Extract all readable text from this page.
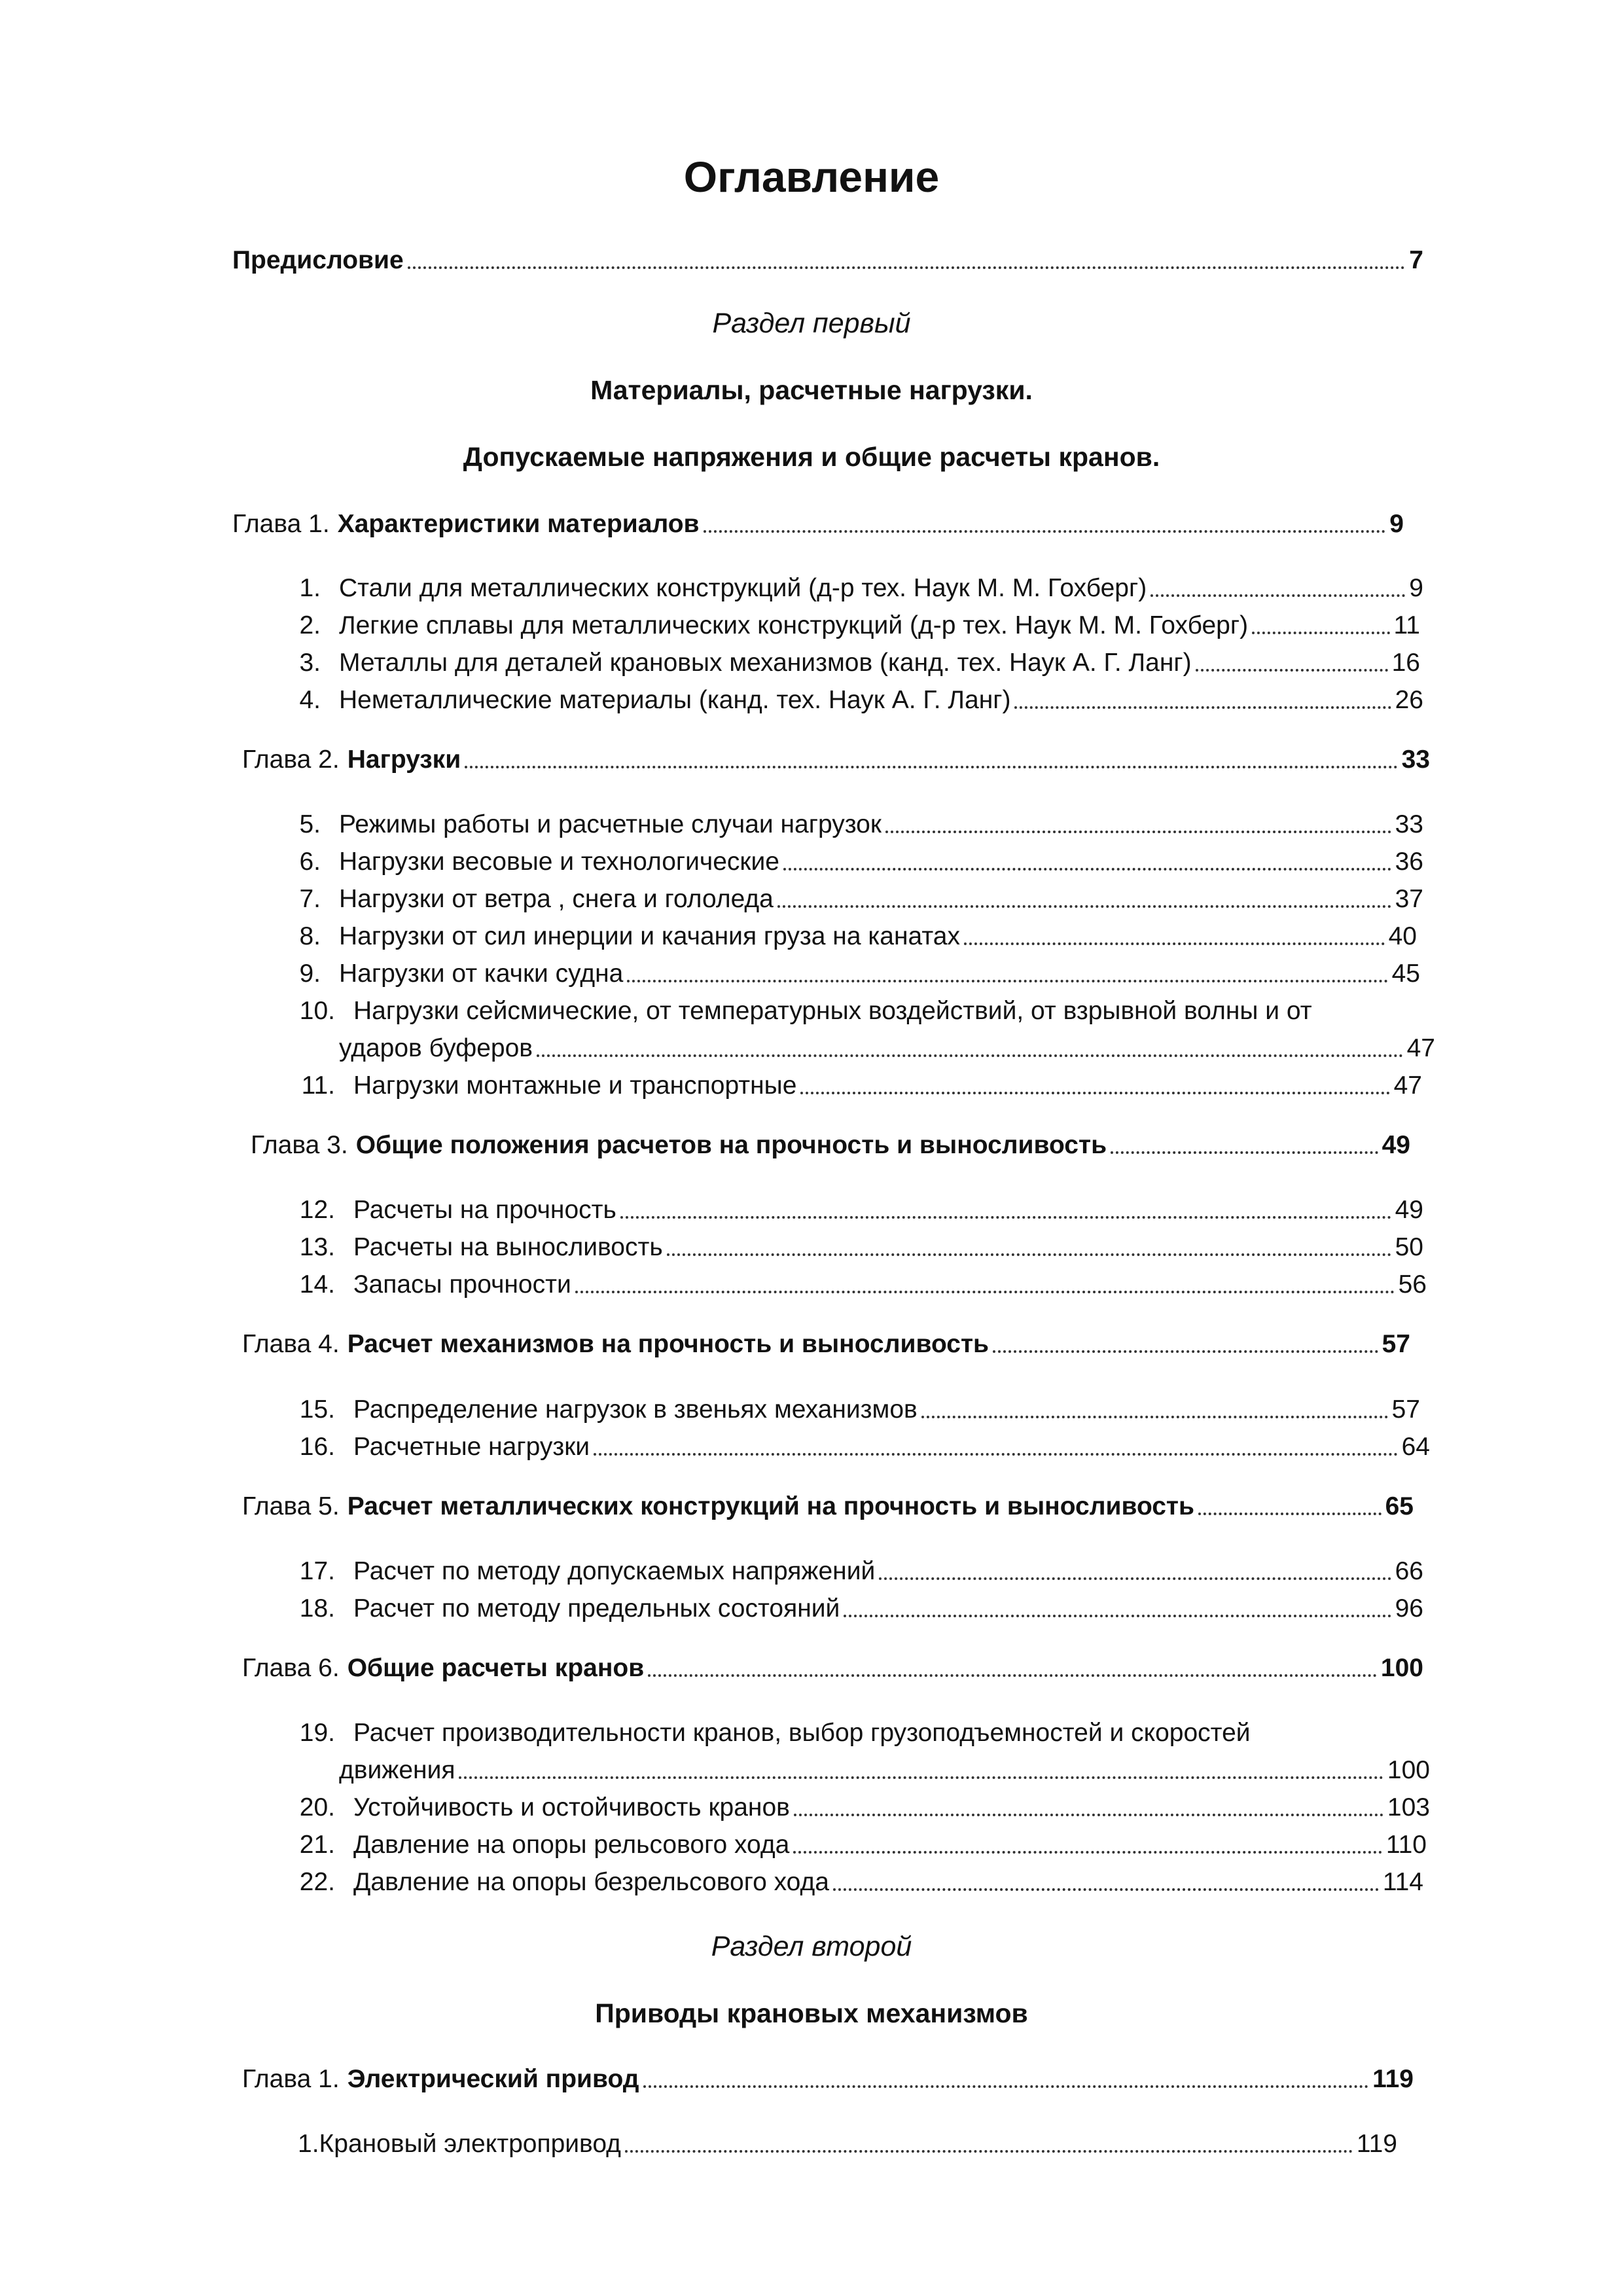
Оглавление
Предисловие	7
Раздел первый
Материалы, расчетные нагрузки.
Допускаемые напряжения и общие расчеты кранов.
Глава 1. Характеристики материалов	9
1. Стали для металлических конструкций (д-р тех. Наук М. М. Гохберг)	9
2. Легкие сплавы для металлических конструкций (д-р тех. Наук М. М. Гохберг)	11
3. Металлы для деталей крановых механизмов (канд. тех. Наук А. Г. Ланг)	16
4. Неметаллические материалы (канд. тех. Наук А. Г. Ланг)	26
Глава 2. Нагрузки	33
5. Режимы работы и расчетные случаи нагрузок	33
6. Нагрузки весовые и технологические	36
7. Нагрузки от ветра , снега и гололеда	37
8. Нагрузки от сил инерции и качания груза на канатах	40
9. Нагрузки от качки судна	45
10. Нагрузки сейсмические, от температурных воздействий, от взрывной волны и от
ударов буферов	47
11. Нагрузки монтажные и транспортные	47
Глава 3. Общие положения расчетов на прочность и выносливость	49
12. Расчеты на прочность	49
13. Расчеты на выносливость	50
14. Запасы прочности	56
Глава 4. Расчет механизмов на прочность и выносливость	57
15. Распределение нагрузок в звеньях механизмов	57
16. Расчетные нагрузки	64
Глава 5. Расчет металлических конструкций на прочность и выносливость	65
17. Расчет по методу допускаемых напряжений	66
18. Расчет по методу предельных состояний	96
Глава 6. Общие расчеты кранов	100
19. Расчет производительности кранов, выбор грузоподъемностей и скоростей
движения	100
20. Устойчивость и остойчивость кранов	103
21. Давление на опоры рельсового хода	110
22. Давление на опоры безрельсового хода	114
Раздел второй
Приводы крановых механизмов
Глава 1. Электрический привод	119
1. Крановый электропривод	119
